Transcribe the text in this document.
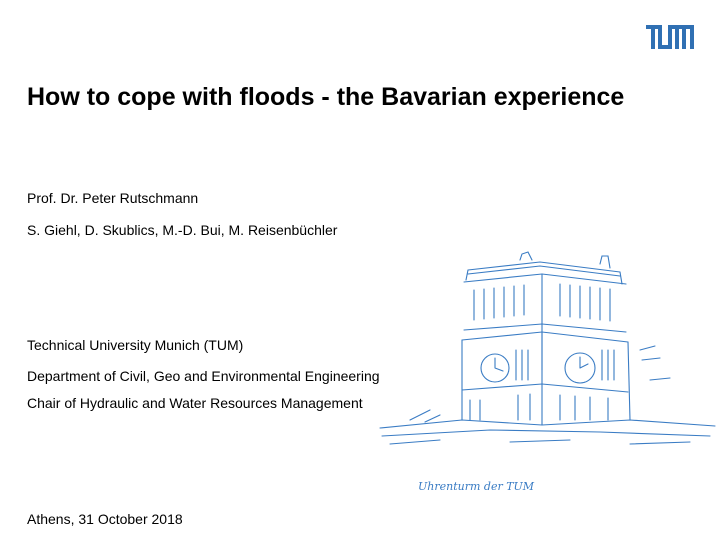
How to cope with floods - the Bavarian experience
Prof. Dr. Peter Rutschmann
S. Giehl, D. Skublics, M.-D. Bui, M. Reisenbüchler
Technical University Munich (TUM)
Department of Civil, Geo and Environmental Engineering
Chair of Hydraulic and Water Resources Management
Athens, 31 October 2018
Uhrenturm der TUM
